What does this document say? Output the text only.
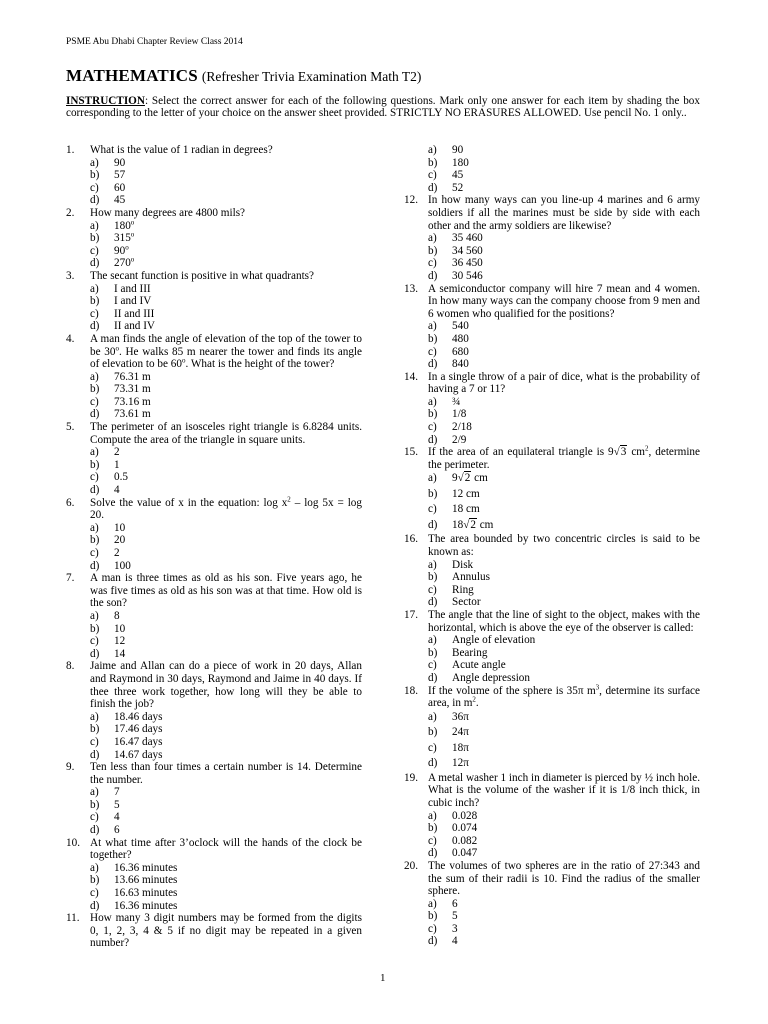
PSME Abu Dhabi Chapter Review Class 2014
MATHEMATICS (Refresher Trivia Examination Math T2)
INSTRUCTION: Select the correct answer for each of the following questions. Mark only one answer for each item by shading the box corresponding to the letter of your choice on the answer sheet provided. STRICTLY NO ERASURES ALLOWED. Use pencil No. 1 only..
1. What is the value of 1 radian in degrees?
a) 90
b) 57
c) 60
d) 45
2. How many degrees are 4800 mils?
a) 180$^o$
b) 315$^o$
c) 90$^o$
d) 270$^o$
3. The secant function is positive in what quadrants?
a) I and III
b) I and IV
c) II and III
d) II and IV
4. A man finds the angle of elevation of the top of the tower to be 30$^o$. He walks 85 m nearer the tower and finds its angle of elevation to be 60$^o$. What is the height of the tower?
a) 76.31 m
b) 73.31 m
c) 73.16 m
d) 73.61 m
5. The perimeter of an isosceles right triangle is 6.8284 units. Compute the area of the triangle in square units.
a) 2
b) 1
c) 0.5
d) 4
6. Solve the value of x in the equation: $\log x^2 - \log 5x = \log 20$.
a) 10
b) 20
c) 2
d) 100
7. A man is three times as old as his son. Five years ago, he was five times as old as his son was at that time. How old is the son?
a) 8
b) 10
c) 12
d) 14
8. Jaime and Allan can do a piece of work in 20 days, Allan and Raymond in 30 days, Raymond and Jaime in 40 days. If thee three work together, how long will they be able to finish the job?
a) 18.46 days
b) 17.46 days
c) 16.47 days
d) 14.67 days
9. Ten less than four times a certain number is 14. Determine the number.
a) 7
b) 5
c) 4
d) 6
10. At what time after 3’oclock will the hands of the clock be together?
a) 16.36 minutes
b) 13.66 minutes
c) 16.63 minutes
d) 16.36 minutes
11. How many 3 digit numbers may be formed from the digits 0, 1, 2, 3, 4 & 5 if no digit may be repeated in a given number?
a) 90
b) 180
c) 45
d) 52
12. In how many ways can you line-up 4 marines and 6 army soldiers if all the marines must be side by side with each other and the army soldiers are likewise?
a) 35 460
b) 34 560
c) 36 450
d) 30 546
13. A semiconductor company will hire 7 mean and 4 women. In how many ways can the company choose from 9 men and 6 women who qualified for the positions?
a) 540
b) 480
c) 680
d) 840
14. In a single throw of a pair of dice, what is the probability of having a 7 or 11?
a) ¾
b) 1/8
c) 2/18
d) 2/9
15. If the area of an equilateral triangle is 9√3 $cm^2$, determine the perimeter.
a) 9√2 cm
b) 12 cm
c) 18 cm
d) 18√2 cm
16. The area bounded by two concentric circles is said to be known as:
a) Disk
b) Annulus
c) Ring
d) Sector
17. The angle that the line of sight to the object, makes with the horizontal, which is above the eye of the observer is called:
a) Angle of elevation
b) Bearing
c) Acute angle
d) Angle depression
18. If the volume of the sphere is 35π $m^3$, determine its surface area, in $m^2$.
a) 36π
b) 24π
c) 18π
d) 12π
19. A metal washer 1 inch in diameter is pierced by ½ inch hole. What is the volume of the washer if it is 1/8 inch thick, in cubic inch?
a) 0.028
b) 0.074
c) 0.082
d) 0.047
20. The volumes of two spheres are in the ratio of 27:343 and the sum of their radii is 10. Find the radius of the smaller sphere.
a) 6
b) 5
c) 3
d) 4
1
